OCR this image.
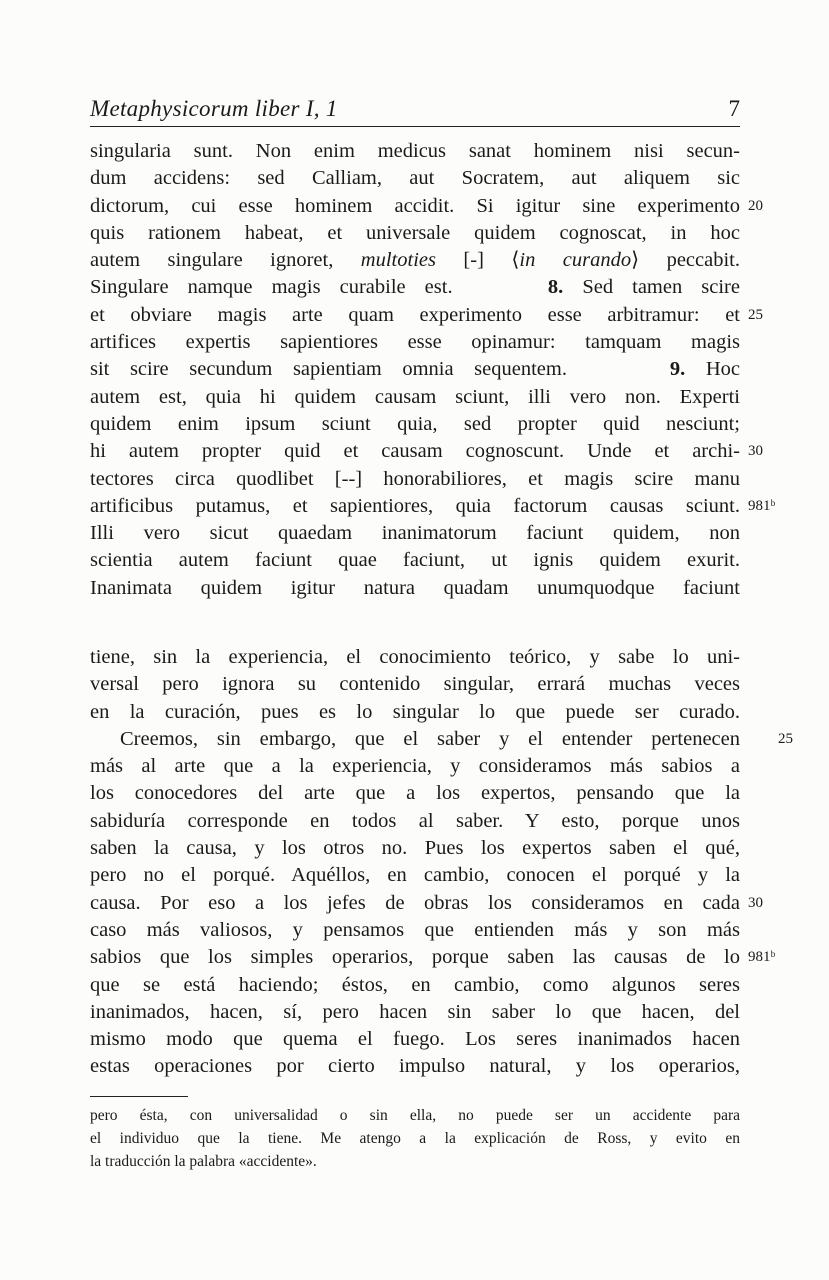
Metaphysicorum liber I, 1	7
singularia sunt. Non enim medicus sanat hominem nisi secun-
dum accidens: sed Calliam, aut Socratem, aut aliquem sic
dictorum, cui esse hominem accidit. Si igitur sine experimento 20
quis rationem habeat, et universale quidem cognoscat, in hoc
autem singulare ignoret, multoties [-] ⟨in curando⟩ peccabit.
Singulare namque magis curabile est.     8. Sed tamen scire
et obviare magis arte quam experimento esse arbitramur: et 25
artifices expertis sapientiores esse opinamur: tamquam magis
sit scire secundum sapientiam omnia sequentem.     9. Hoc
autem est, quia hi quidem causam sciunt, illi vero non. Experti
quidem enim ipsum sciunt quia, sed propter quid nesciunt;
hi autem propter quid et causam cognoscunt. Unde et archi- 30
tectores circa quodlibet [--] honorabiliores, et magis scire manu
artificibus putamus, et sapientiores, quia factorum causas sciunt. 981ᵇ
Illi vero sicut quaedam inanimatorum faciunt quidem, non
scientia autem faciunt quae faciunt, ut ignis quidem exurit.
Inanimata quidem igitur natura quadam unumquodque faciunt
tiene, sin la experiencia, el conocimiento teórico, y sabe lo uni-
versal pero ignora su contenido singular, errará muchas veces
en la curación, pues es lo singular lo que puede ser curado.
Creemos, sin embargo, que el saber y el entender pertenecen	25
más al arte que a la experiencia, y consideramos más sabios a
los conocedores del arte que a los expertos, pensando que la
sabiduría corresponde en todos al saber. Y esto, porque unos
saben la causa, y los otros no. Pues los expertos saben el qué,
pero no el porqué. Aquéllos, en cambio, conocen el porqué y la
causa. Por eso a los jefes de obras los consideramos en cada 30
caso más valiosos, y pensamos que entienden más y son más
sabios que los simples operarios, porque saben las causas de lo 981ᵇ
que se está haciendo; éstos, en cambio, como algunos seres
inanimados, hacen, sí, pero hacen sin saber lo que hacen, del
mismo modo que quema el fuego. Los seres inanimados hacen
estas operaciones por cierto impulso natural, y los operarios,
pero ésta, con universalidad o sin ella, no puede ser un accidente para
el individuo que la tiene. Me atengo a la explicación de Ross, y evito en
la traducción la palabra «accidente».
